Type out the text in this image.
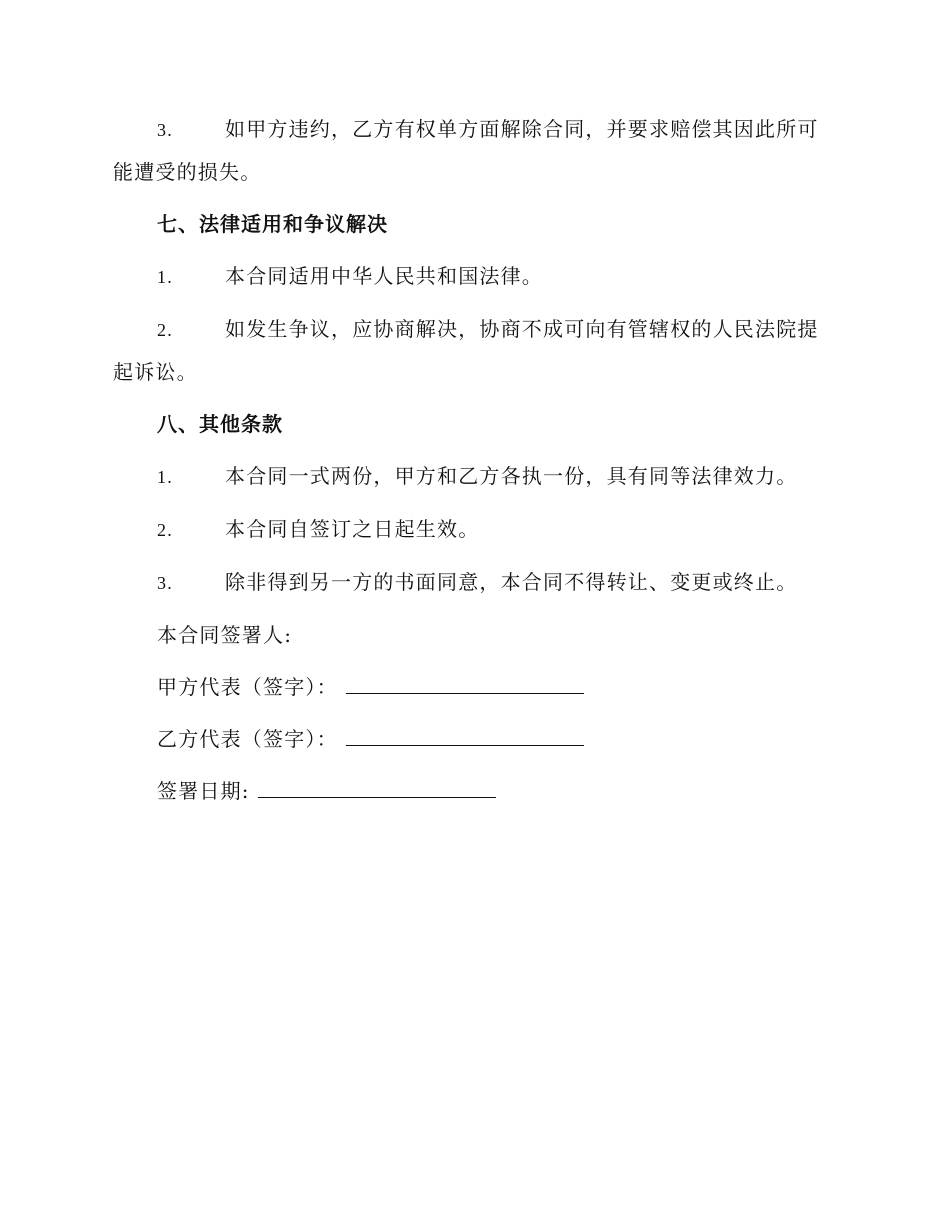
3.	如甲方违约，乙方有权单方面解除合同，并要求赔偿其因此所可能遭受的损失。

七、法律适用和争议解决

1.	本合同适用中华人民共和国法律。

2.	如发生争议，应协商解决，协商不成可向有管辖权的人民法院提起诉讼。

八、其他条款

1.	本合同一式两份，甲方和乙方各执一份，具有同等法律效力。

2.	本合同自签订之日起生效。

3.	除非得到另一方的书面同意，本合同不得转让、变更或终止。

本合同签署人:
甲方代表（签字）：
乙方代表（签字）：
签署日期:
